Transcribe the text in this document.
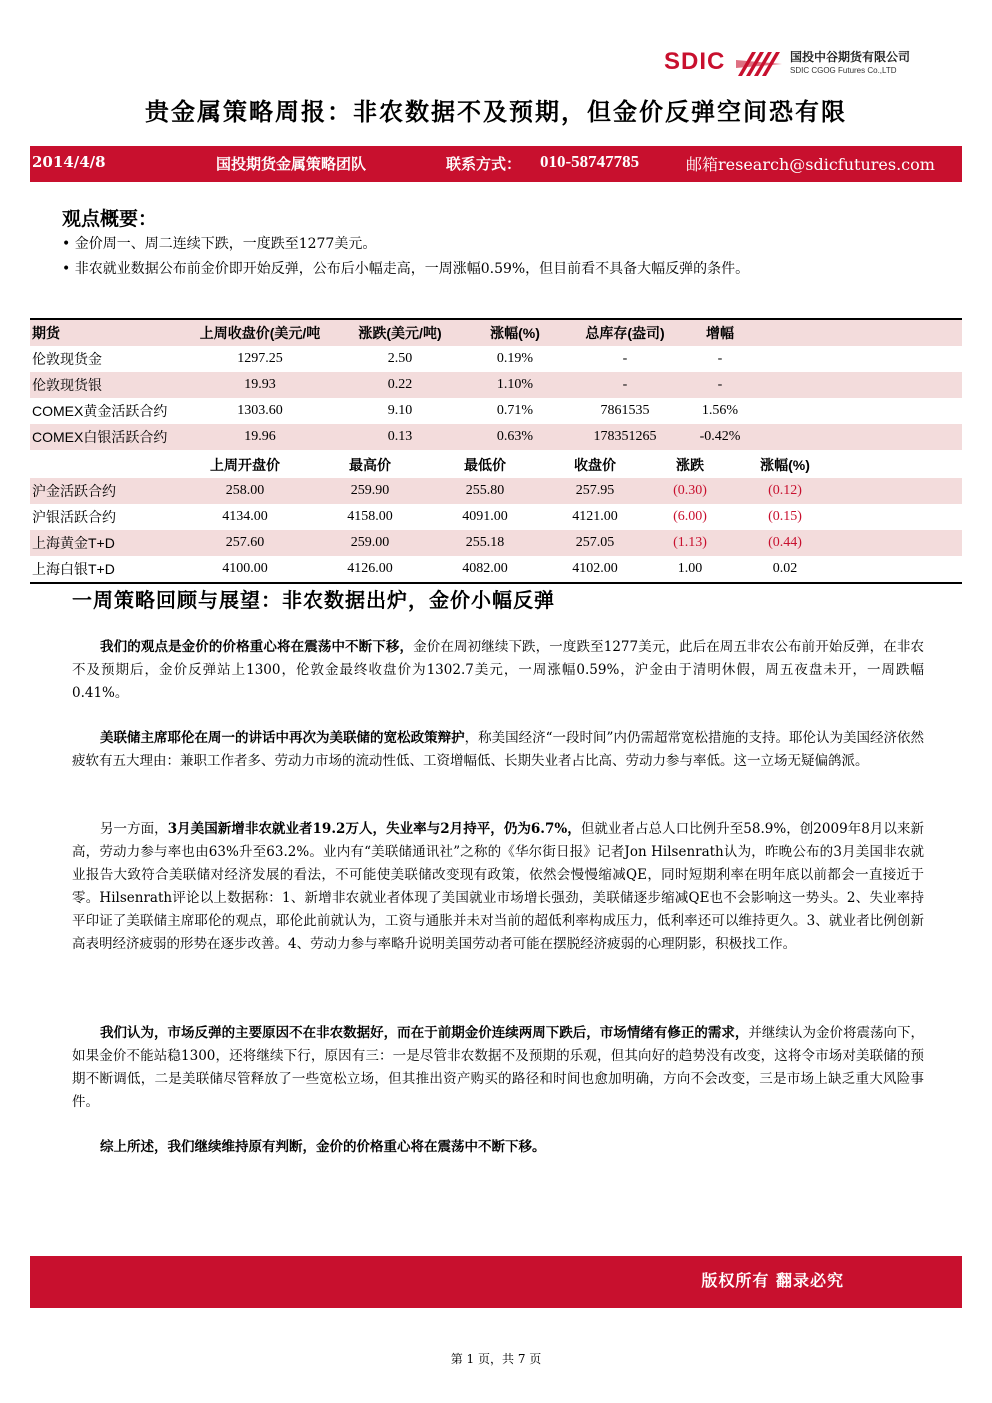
SDIC	国投中谷期货有限公司
SDIC CGOG Futures Co.,LTD
贵金属策略周报：非农数据不及预期，但金价反弹空间恐有限
2014/4/8	国投期货金属策略团队	联系方式： 010-58747785	邮箱research@sdicfutures.com
观点概要：
• 金价周一、周二连续下跌，一度跌至1277美元。
• 非农就业数据公布前金价即开始反弹，公布后小幅走高，一周涨幅0.59%，但目前看不具备大幅反弹的条件。
期货	上周收盘价(美元/吨	涨跌(美元/吨)	涨幅(%)	总库存(盎司)	增幅	
伦敦现货金	1297.25	2.50	0.19%	-	-	
伦敦现货银	19.93	0.22	1.10%	-	-	
COMEX黄金活跃合约	1303.60	9.10	0.71%	7861535	1.56%	
COMEX白银活跃合约	19.96	0.13	0.63%	178351265	-0.42%	
	上周开盘价	最高价	最低价	收盘价	涨跌	涨幅(%)	
沪金活跃合约	258.00	259.90	255.80	257.95	(0.30)	(0.12)	
沪银活跃合约	4134.00	4158.00	4091.00	4121.00	(6.00)	(0.15)	
上海黄金T+D	257.60	259.00	255.18	257.05	(1.13)	(0.44)	
上海白银T+D	4100.00	4126.00	4082.00	4102.00	1.00	0.02	
一周策略回顾与展望：非农数据出炉，金价小幅反弹
我们的观点是金价的价格重心将在震荡中不断下移，金价在周初继续下跌，一度跌至1277美元，此后在周五非农公布前开始反弹，在非农不及预期后，金价反弹站上1300，伦敦金最终收盘价为1302.7美元，一周涨幅0.59%，沪金由于清明休假，周五夜盘未开，一周跌幅0.41%。
美联储主席耶伦在周一的讲话中再次为美联储的宽松政策辩护，称美国经济“一段时间”内仍需超常宽松措施的支持。耶伦认为美国经济依然疲软有五大理由：兼职工作者多、劳动力市场的流动性低、工资增幅低、长期失业者占比高、劳动力参与率低。这一立场无疑偏鸽派。
另一方面，3月美国新增非农就业者19.2万人，失业率与2月持平，仍为6.7%，但就业者占总人口比例升至58.9%，创2009年8月以来新高，劳动力参与率也由63%升至63.2%。业内有“美联储通讯社”之称的《华尔街日报》记者Jon Hilsenrath认为，昨晚公布的3月美国非农就业报告大致符合美联储对经济发展的看法，不可能使美联储改变现有政策，依然会慢慢缩减QE，同时短期利率在明年底以前都会一直接近于零。Hilsenrath评论以上数据称：1、新增非农就业者体现了美国就业市场增长强劲，美联储逐步缩减QE也不会影响这一势头。2、失业率持平印证了美联储主席耶伦的观点，耶伦此前就认为，工资与通胀并未对当前的超低利率构成压力，低利率还可以维持更久。3、就业者比例创新高表明经济疲弱的形势在逐步改善。4、劳动力参与率略升说明美国劳动者可能在摆脱经济疲弱的心理阴影，积极找工作。
我们认为，市场反弹的主要原因不在非农数据好，而在于前期金价连续两周下跌后，市场情绪有修正的需求，并继续认为金价将震荡向下，如果金价不能站稳1300，还将继续下行，原因有三：一是尽管非农数据不及预期的乐观，但其向好的趋势没有改变，这将令市场对美联储的预期不断调低，二是美联储尽管释放了一些宽松立场，但其推出资产购买的路径和时间也愈加明确，方向不会改变，三是市场上缺乏重大风险事件。
综上所述，我们继续维持原有判断，金价的价格重心将在震荡中不断下移。
版权所有 翻录必究
第 1 页，共 7 页
